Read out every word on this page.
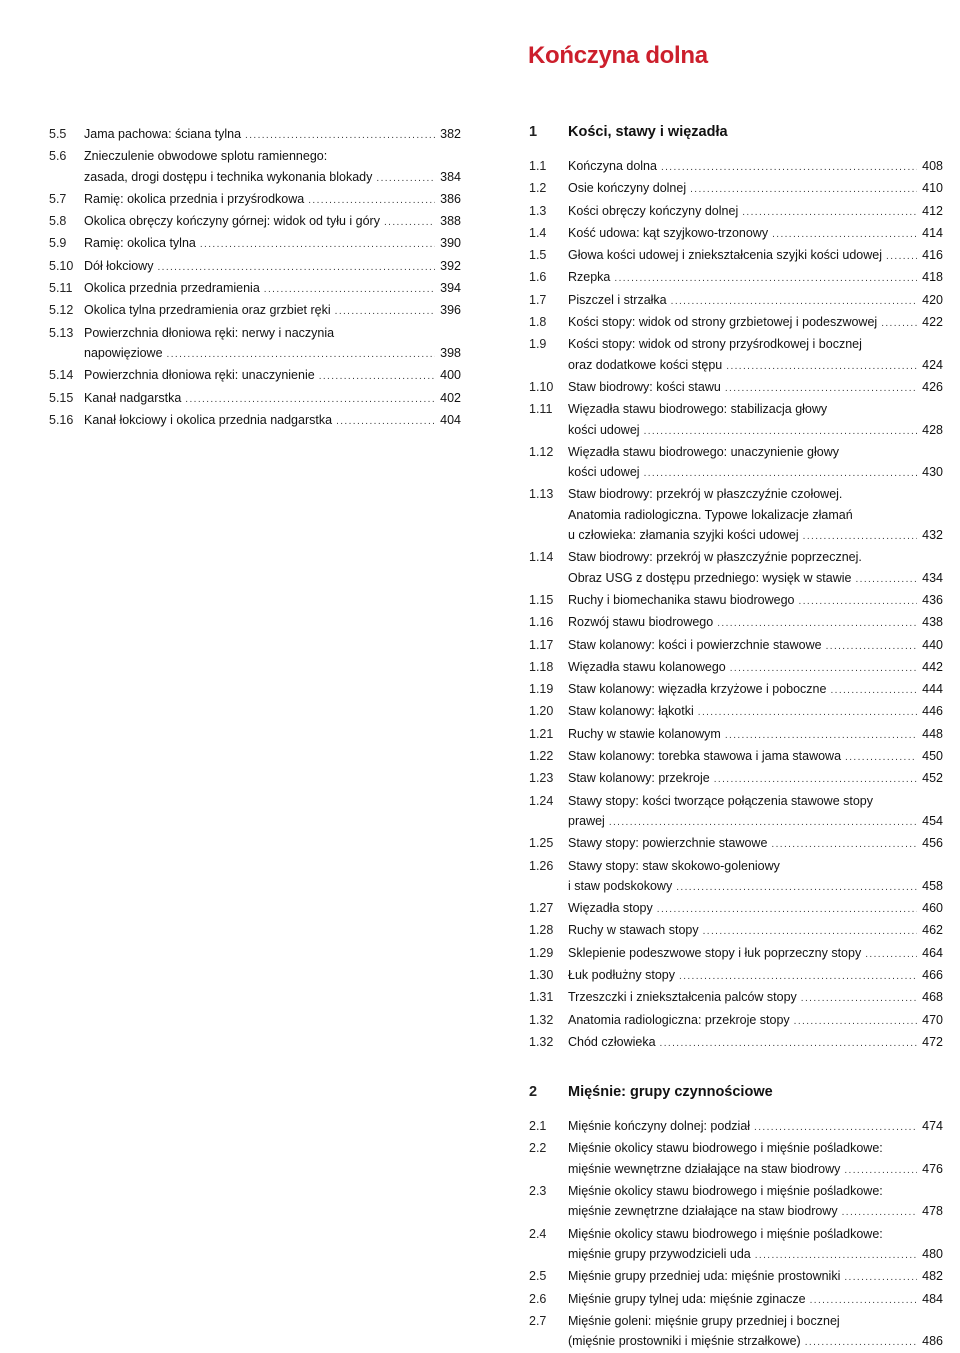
Kończyna dolna
5.5	Jama pachowa: ściana tylna .....	382
5.6	Znieczulenie obwodowe splotu ramiennego:
zasada, drogi dostępu i technika wykonania blokady .....	384
5.7	Ramię: okolica przednia i przyśrodkowa .....	386
5.8	Okolica obręczy kończyny górnej: widok od tyłu i góry .....	388
5.9	Ramię: okolica tylna .....	390
5.10 Dół łokciowy .....	392
5.11 Okolica przednia przedramienia .....	394
5.12 Okolica tylna przedramienia oraz grzbiet ręki .....	396
5.13 Powierzchnia dłoniowa ręki: nerwy i naczynia
napowięziowe .....	398
5.14 Powierzchnia dłoniowa ręki: unaczynienie .....	400
5.15 Kanał nadgarstka .....	402
5.16 Kanał łokciowy i okolica przednia nadgarstka .....	404
1	Kości, stawy i więzadła
1.1	Kończyna dolna .....	408
1.2	Osie kończyny dolnej .....	410
1.3	Kości obręczy kończyny dolnej .....	412
1.4	Kość udowa: kąt szyjkowo-trzonowy .....	414
1.5	Głowa kości udowej i zniekształcenia szyjki kości udowej .....	416
1.6	Rzepka .....	418
1.7	Piszczel i strzałka .....	420
1.8	Kości stopy: widok od strony grzbietowej i podeszwowej .....	422
1.9	Kości stopy: widok od strony przyśrodkowej i bocznej
oraz dodatkowe kości stępu .....	424
1.10	Staw biodrowy: kości stawu .....	426
1.11	Więzadła stawu biodrowego: stabilizacja głowy
kości udowej .....	428
1.12	Więzadła stawu biodrowego: unaczynienie głowy
kości udowej .....	430
1.13	Staw biodrowy: przekrój w płaszczyźnie czołowej.
Anatomia radiologiczna. Typowe lokalizacje złamań
u człowieka: złamania szyjki kości udowej .....	432
1.14	Staw biodrowy: przekrój w płaszczyźnie poprzecznej.
Obraz USG z dostępu przedniego: wysięk w stawie .....	434
1.15	Ruchy i biomechanika stawu biodrowego .....	436
1.16	Rozwój stawu biodrowego .....	438
1.17	Staw kolanowy: kości i powierzchnie stawowe .....	440
1.18	Więzadła stawu kolanowego .....	442
1.19	Staw kolanowy: więzadła krzyżowe i poboczne .....	444
1.20	Staw kolanowy: łąkotki .....	446
1.21	Ruchy w stawie kolanowym .....	448
1.22	Staw kolanowy: torebka stawowa i jama stawowa .....	450
1.23	Staw kolanowy: przekroje .....	452
1.24	Stawy stopy: kości tworzące połączenia stawowe stopy
prawej .....	454
1.25	Stawy stopy: powierzchnie stawowe .....	456
1.26	Stawy stopy: staw skokowo-goleniowy
i staw podskokowy .....	458
1.27	Więzadła stopy .....	460
1.28	Ruchy w stawach stopy .....	462
1.29	Sklepienie podeszwowe stopy i łuk poprzeczny stopy .....	464
1.30	Łuk podłużny stopy .....	466
1.31	Trzeszczki i zniekształcenia palców stopy .....	468
1.32	Anatomia radiologiczna: przekroje stopy .....	470
1.32	Chód człowieka .....	472
2	Mięśnie: grupy czynnościowe
2.1	Mięśnie kończyny dolnej: podział .....	474
2.2	Mięśnie okolicy stawu biodrowego i mięśnie pośladkowe:
mięśnie wewnętrzne działające na staw biodrowy .....	476
2.3	Mięśnie okolicy stawu biodrowego i mięśnie pośladkowe:
mięśnie zewnętrzne działające na staw biodrowy .....	478
2.4	Mięśnie okolicy stawu biodrowego i mięśnie pośladkowe:
mięśnie grupy przywodzicieli uda .....	480
2.5	Mięśnie grupy przedniej uda: mięśnie prostowniki .....	482
2.6	Mięśnie grupy tylnej uda: mięśnie zginacze .....	484
2.7	Mięśnie goleni: mięśnie grupy przedniej i bocznej
(mięśnie prostowniki i mięśnie strzałkowe) .....	486
